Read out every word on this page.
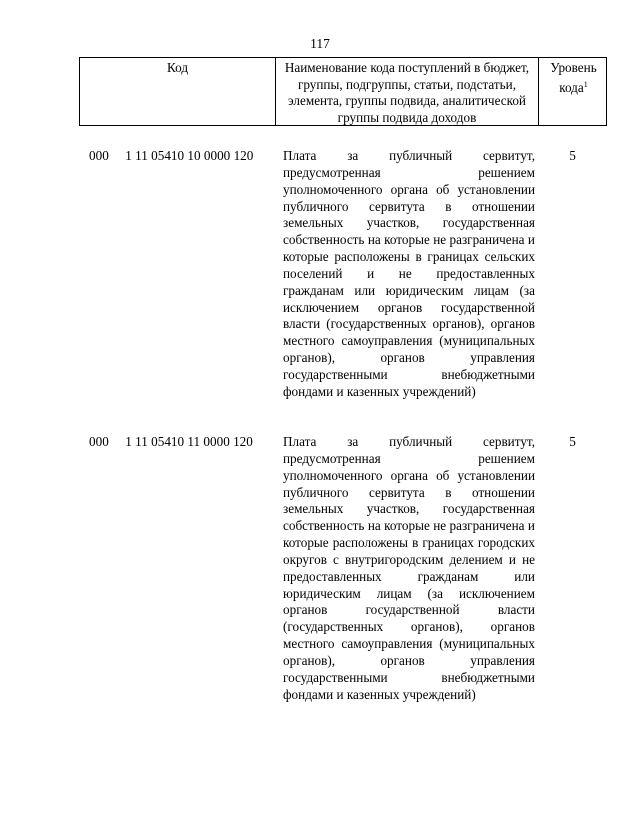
117
Код	Наименование кода поступлений в бюджет, группы, подгруппы, статьи, подстатьи, элемента, группы подвида, аналитической группы подвида доходов
Уровень кода$^1$
000     1 11 05410 10 0000 120 Плата за публичный сервитут, предусмотренная решением уполномоченного органа об установлении публичного сервитута в отношении земельных участков, государственная собственность на которые не разграничена и которые расположены в границах сельских поселений и не предоставленных гражданам или юридическим лицам (за исключением органов государственной власти (государственных органов), органов местного самоуправления (муниципальных органов), органов управления государственными внебюджетными фондами и казенных учреждений)
5
000     1 11 05410 11 0000 120 Плата за публичный сервитут, предусмотренная решением уполномоченного органа об установлении публичного сервитута в отношении земельных участков, государственная собственность на которые не разграничена и которые расположены в границах городских округов с внутригородским делением и не предоставленных гражданам или юридическим лицам (за исключением органов государственной власти (государственных органов), органов местного самоуправления (муниципальных органов), органов управления государственными внебюджетными фондами и казенных учреждений)
5
